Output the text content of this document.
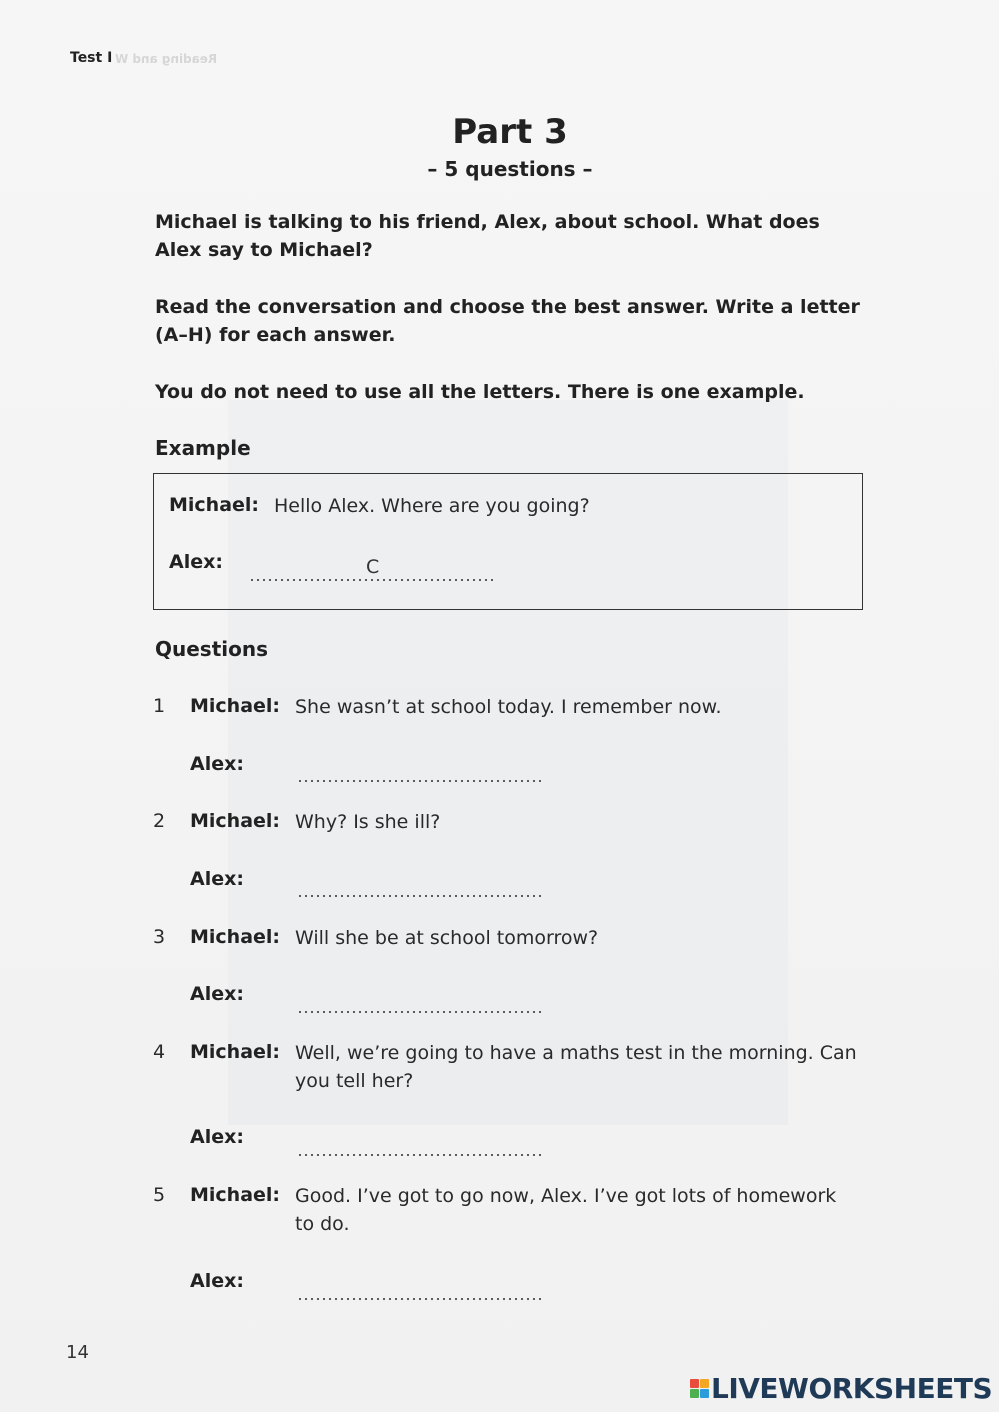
Test I Reading and W
Part 3
– 5 questions –
Michael is talking to his friend, Alex, about school. What does Alex say to Michael?
Read the conversation and choose the best answer. Write a letter (A–H) for each answer.
You do not need to use all the letters. There is one example.
Example
Michael: Hello Alex. Where are you going?
Alex:	C
Questions
1 Michael: She wasn’t at school today. I remember now.
Alex:
2 Michael: Why? Is she ill?
Alex:
3 Michael: Will she be at school tomorrow?
Alex:
4 Michael: Well, we’re going to have a maths test in the morning. Can you tell her?
Alex:
5 Michael: Good. I’ve got to go now, Alex. I’ve got lots of homework to do.
Alex:
14
LIVEWORKSHEETS
